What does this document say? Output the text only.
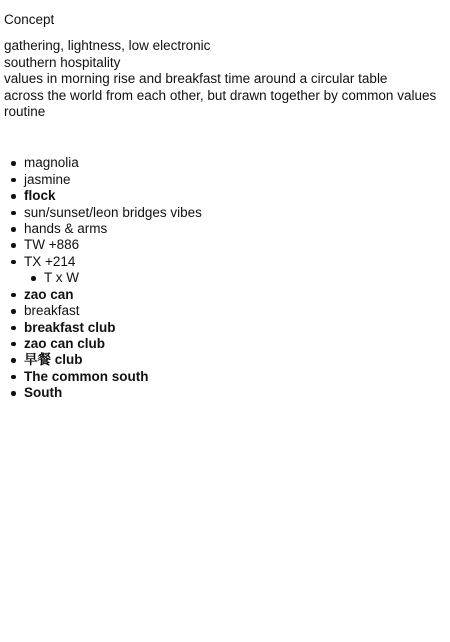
Concept
gathering, lightness, low electronic
southern hospitality
values in morning rise and breakfast time around a circular table
across the world from each other, but drawn together by common values
routine
magnolia
jasmine
flock
sun/sunset/leon bridges vibes
hands & arms
TW +886
TX +214
T x W
zao can
breakfast
breakfast club
zao can club
早餐 club
The common south
South
